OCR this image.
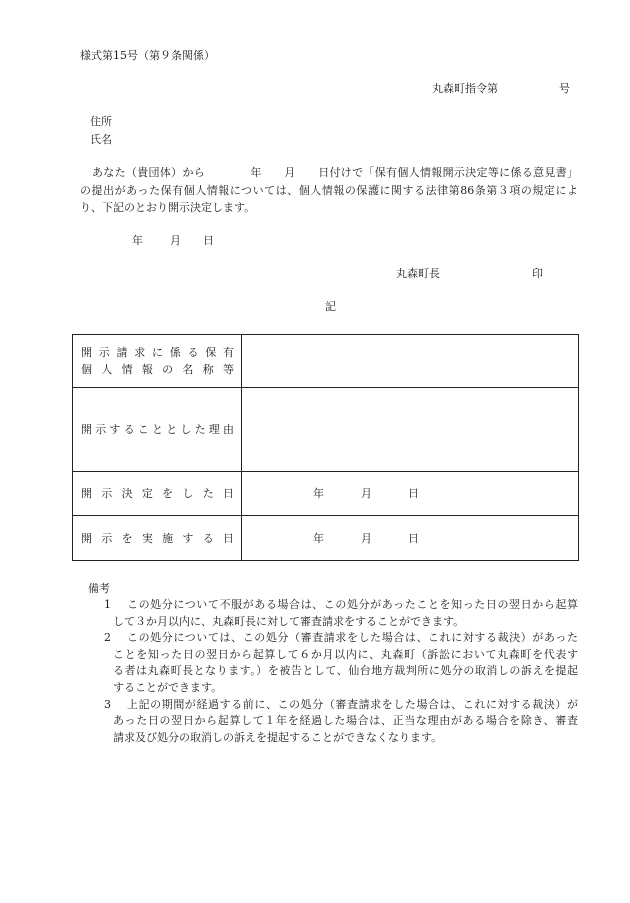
様式第15号（第９条関係）
丸森町指令第	号
住所
氏名
あなた（貴団体）から　　　　年　　月　　日付けで「保有個人情報開示決定等に係る意見書」
の提出があった保有個人情報については、個人情報の保護に関する法律第86条第３項の規定によ
り、下記のとおり開示決定します。
年 月 日
丸森町長	印
記
開示請求に係る保有
個人情報の名称等	

開示することとした理由	

開示決定をした日	年 月 日

開示を実施する日	年 月 日
備考
1	この処分について不服がある場合は、この処分があったことを知った日の翌日から起算
して３か月以内に、丸森町長に対して審査請求をすることができます。
2	この処分については、この処分（審査請求をした場合は、これに対する裁決）があった
ことを知った日の翌日から起算して６か月以内に、丸森町（訴訟において丸森町を代表す
る者は丸森町長となります。）を被告として、仙台地方裁判所に処分の取消しの訴えを提起
することができます。
3	上記の期間が経過する前に、この処分（審査請求をした場合は、これに対する裁決）が
あった日の翌日から起算して１年を経過した場合は、正当な理由がある場合を除き、審査
請求及び処分の取消しの訴えを提起することができなくなります。
